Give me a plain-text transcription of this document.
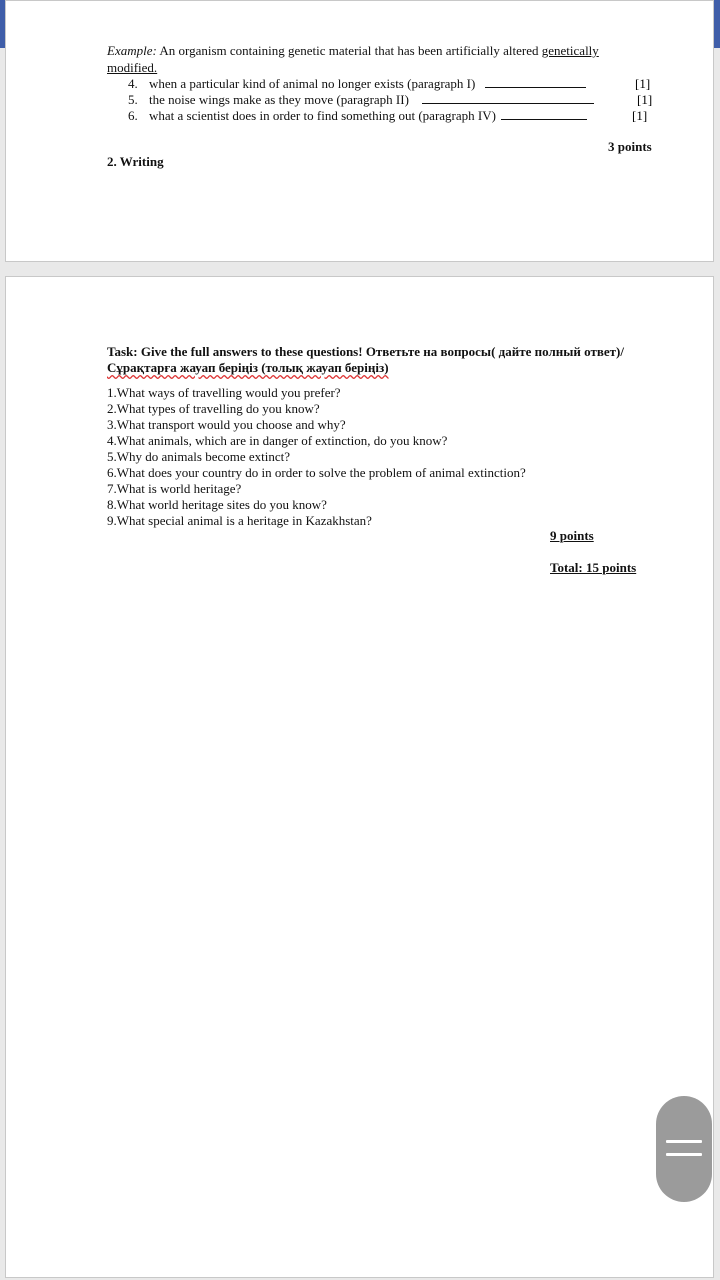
Example: An organism containing genetic material that has been artificially altered genetically
modified.
4. when a particular kind of animal no longer exists (paragraph I)	[1]
5. the noise wings make as they move (paragraph II)	[1]
6. what a scientist does in order to find something out (paragraph IV)	[1]
3 points
2. Writing
Task: Give the full answers to these questions! Ответьте на вопросы( дайте полный ответ)/
Сұрақтарға жауап беріңіз (толық жауап беріңіз)
1.What ways of travelling would you prefer?
2.What types of travelling do you know?
3.What transport would you choose and why?
4.What animals, which are in danger of extinction, do you know?
5.Why do animals become extinct?
6.What does your country do in order to solve the problem of animal extinction?
7.What is world heritage?
8.What world heritage sites do you know?
9.What special animal is a heritage in Kazakhstan?
9 points
Total: 15 points
